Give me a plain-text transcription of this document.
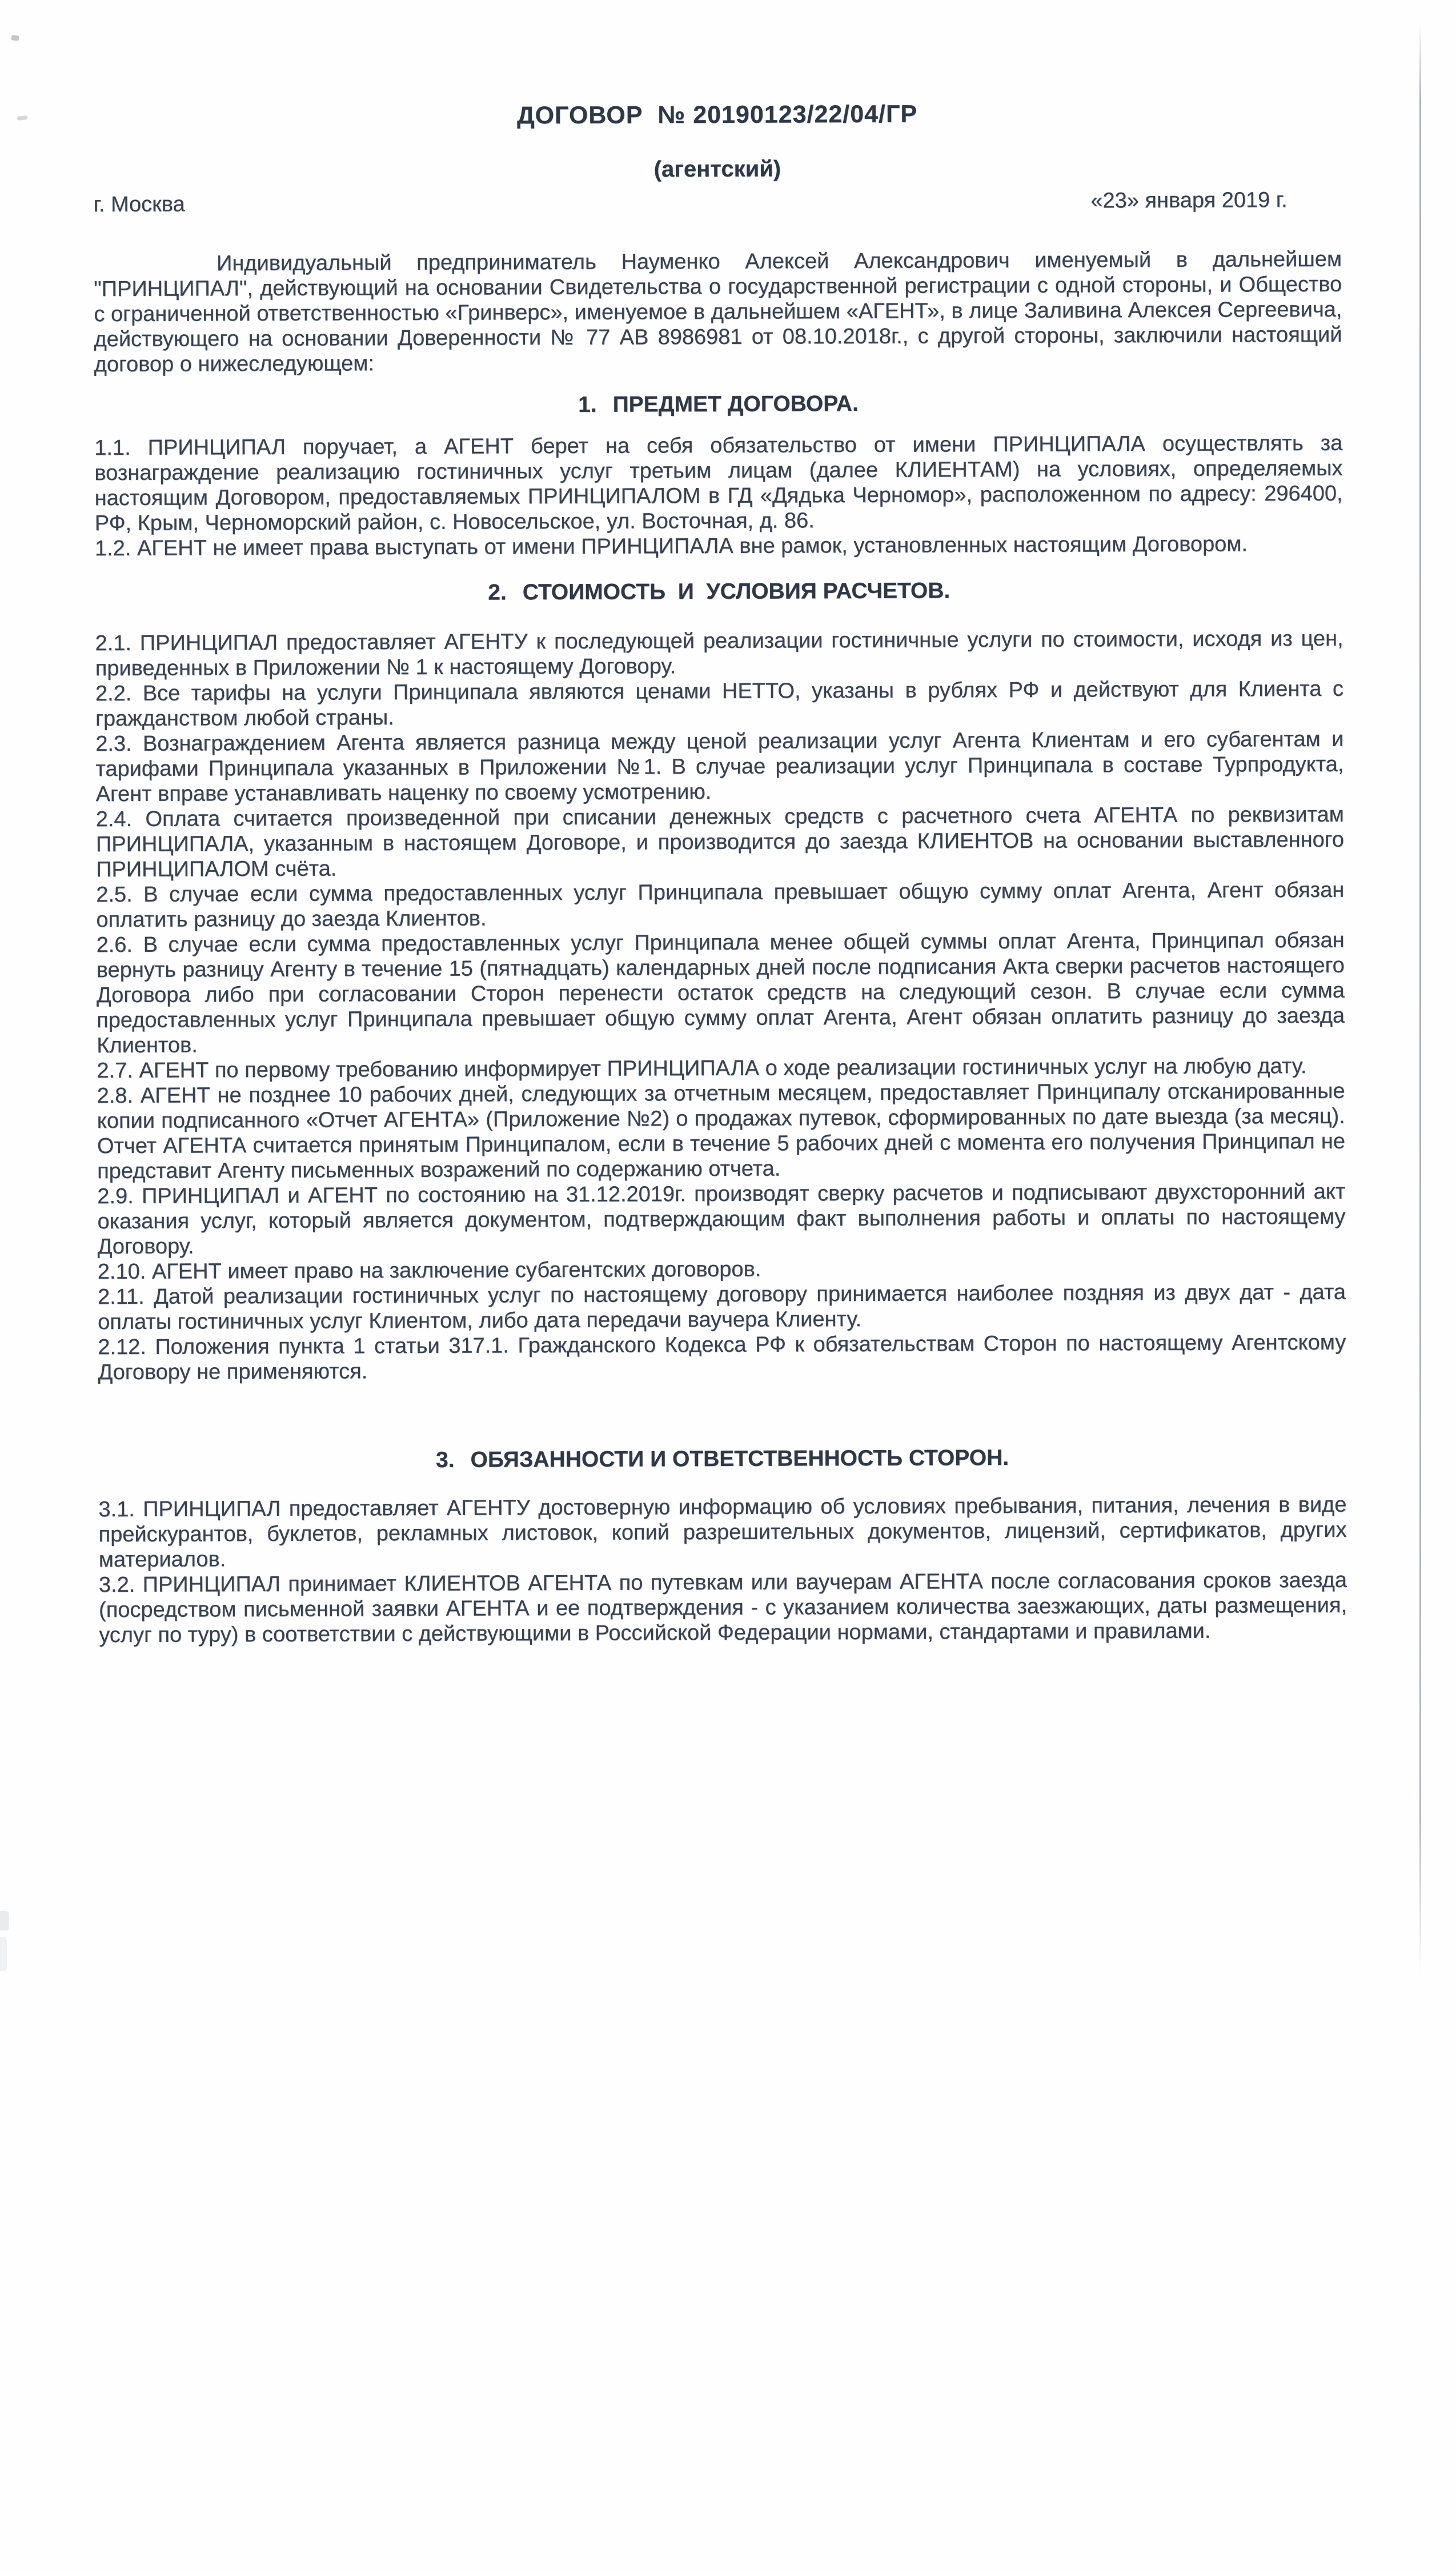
ДОГОВОР  № 20190123/22/04/ГР
(агентский)
г. Москва	«23» января 2019 г.

Индивидуальный предприниматель Науменко Алексей Александрович именуемый в дальнейшем "ПРИНЦИПАЛ", действующий на основании Свидетельства о государственной регистрации с одной стороны, и Общество с ограниченной ответственностью «Гринверс», именуемое в дальнейшем «АГЕНТ», в лице Заливина Алексея Сергеевича, действующего на основании Доверенности № 77 АВ 8986981 от 08.10.2018г., с другой стороны, заключили настоящий договор о нижеследующем:

1. ПРЕДМЕТ ДОГОВОРА.

1.1. ПРИНЦИПАЛ поручает, а АГЕНТ берет на себя обязательство от имени ПРИНЦИПАЛА осуществлять за вознаграждение реализацию гостиничных услуг третьим лицам (далее КЛИЕНТАМ) на условиях, определяемых настоящим Договором, предоставляемых ПРИНЦИПАЛОМ в ГД «Дядька Черномор», расположенном по адресу: 296400, РФ, Крым, Черноморский район, с. Новосельское, ул. Восточная, д. 86.

1.2. АГЕНТ не имеет права выступать от имени ПРИНЦИПАЛА вне рамок, установленных настоящим Договором.

2. СТОИМОСТЬ  И  УСЛОВИЯ РАСЧЕТОВ.

2.1. ПРИНЦИПАЛ предоставляет АГЕНТУ к последующей реализации гостиничные услуги по стоимости, исходя из цен, приведенных в Приложении № 1 к настоящему Договору.

2.2. Все тарифы на услуги Принципала являются ценами НЕТТО, указаны в рублях РФ и действуют для Клиента с гражданством любой страны.

2.3. Вознаграждением Агента является разница между ценой реализации услуг Агента Клиентам и его субагентам и тарифами Принципала указанных в Приложении №1. В случае реализации услуг Принципала в составе Турпродукта, Агент вправе устанавливать наценку по своему усмотрению.

2.4. Оплата считается произведенной при списании денежных средств с расчетного счета АГЕНТА по реквизитам ПРИНЦИПАЛА, указанным в настоящем Договоре, и производится до заезда КЛИЕНТОВ на основании выставленного ПРИНЦИПАЛОМ счёта.

2.5. В случае если сумма предоставленных услуг Принципала превышает общую сумму оплат Агента, Агент обязан оплатить разницу до заезда Клиентов.

2.6. В случае если сумма предоставленных услуг Принципала менее общей суммы оплат Агента, Принципал обязан вернуть разницу Агенту в течение 15 (пятнадцать) календарных дней после подписания Акта сверки расчетов настоящего Договора либо при согласовании Сторон перенести остаток средств на следующий сезон. В случае если сумма предоставленных услуг Принципала превышает общую сумму оплат Агента, Агент обязан оплатить разницу до заезда Клиентов.

2.7. АГЕНТ по первому требованию информирует ПРИНЦИПАЛА о ходе реализации гостиничных услуг на любую дату.

2.8. АГЕНТ не позднее 10 рабочих дней, следующих за отчетным месяцем, предоставляет Принципалу отсканированные копии подписанного «Отчет АГЕНТА» (Приложение №2) о продажах путевок, сформированных по дате выезда (за месяц). Отчет АГЕНТА считается принятым Принципалом, если в течение 5 рабочих дней с момента его получения Принципал не представит Агенту письменных возражений по содержанию отчета.

2.9. ПРИНЦИПАЛ и АГЕНТ по состоянию на 31.12.2019г. производят сверку расчетов и подписывают двухсторонний акт оказания услуг, который является документом, подтверждающим факт выполнения работы и оплаты по настоящему Договору.

2.10. АГЕНТ имеет право на заключение субагентских договоров.

2.11. Датой реализации гостиничных услуг по настоящему договору принимается наиболее поздняя из двух дат - дата оплаты гостиничных услуг Клиентом, либо дата передачи ваучера Клиенту.

2.12. Положения пункта 1 статьи 317.1. Гражданского Кодекса РФ к обязательствам Сторон по настоящему Агентскому Договору не применяются.

3. ОБЯЗАННОСТИ И ОТВЕТСТВЕННОСТЬ СТОРОН.

3.1. ПРИНЦИПАЛ предоставляет АГЕНТУ достоверную информацию об условиях пребывания, питания, лечения в виде прейскурантов, буклетов, рекламных листовок, копий разрешительных документов, лицензий, сертификатов, других материалов.

3.2. ПРИНЦИПАЛ принимает КЛИЕНТОВ АГЕНТА по путевкам или ваучерам АГЕНТА после согласования сроков заезда (посредством письменной заявки АГЕНТА и ее подтверждения - с указанием количества заезжающих, даты размещения, услуг по туру) в соответствии с действующими в Российской Федерации нормами, стандартами и правилами.
